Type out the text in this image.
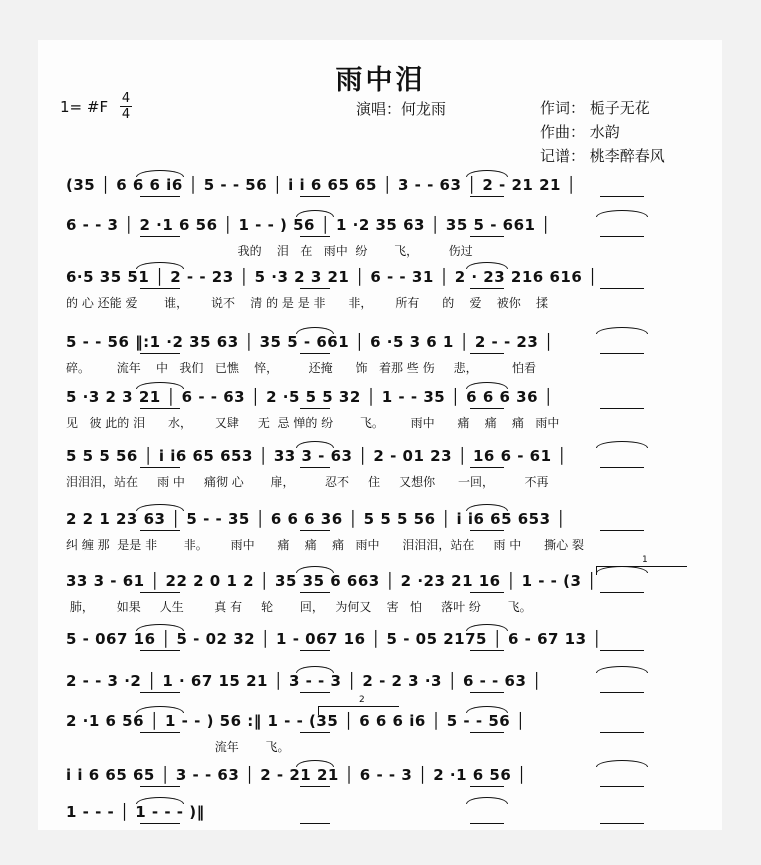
雨中泪
1= #F 4
4	演唱：何龙雨	作词： 栀子无花
作曲： 水韵
记谱： 桃李醉春风
(35 │ 6 6 6 i6 │ 5 - - 56 │ i i 6 65 65 │ 3 - - 63 │ 2 - 21 21 │
6 - - 3 │ 2 ·1 6 56 │ 1 - - ) 56 │ 1 ·2 35 63 │ 35 5 - 661 │
我的    泪   在   雨中  纷       飞，        伤过
6·5 35 51 │ 2 - - 23 │ 5 ·3 2 3 21 │ 6 - - 31 │ 2 · 23 216 616 │
的 心 还能 爱       谁，      说不    清 的 是 是 非      非，      所有      的    爱    被你    揉
5 - - 56 ‖:1 ·2 35 63 │ 35 5 - 661 │ 6 ·5 3 6 1 │ 2 - - 23 │
碎。       流年    中   我们   已憔    悴，        还掩      饰   着那 些 伤     悲，         怕看
5 ·3 2 3 21 │ 6 - - 63 │ 2 ·5 5 5 32 │ 1 - - 35 │ 6 6 6 36 │
见   彼 此的 泪      水，      又肆     无  忌 惮的 纷       飞。       雨中      痛    痛    痛   雨中
5 5 5 56 │ i i6 65 653 │ 33 3 - 63 │ 2 - 01 23 │ 16 6 - 61 │
泪泪泪，站在     雨 中     痛彻 心       扉，        忍不     住     又想你      一回，        不再
2 2 1 23 63 │ 5 - - 35 │ 6 6 6 36 │ 5 5 5 56 │ i i6 65 653 │
纠 缠 那  是是 非       非。      雨中      痛    痛    痛   雨中      泪泪泪，站在     雨 中      撕心 裂
33 3 - 61 │ 22 2 0 1 2 │ 35 35 6 663 │ 2 ·23 21 16 │ 1 - - (3 │
肺，      如果     人生        真 有     轮       回，   为何又    害   怕     落叶 纷       飞。
5 - 067 16 │ 5 - 02 32 │ 1 - 067 16 │ 5 - 05 2175 │ 6 - 67 13 │
2 - - 3 ·2 │ 1 · 67 15 21 │ 3 - - 3 │ 2 - 2 3 ·3 │ 6 - - 63 │
2 ·1 6 56 │ 1 - - ) 56 :‖ 1 - - (35 │ 6 6 6 i6 │ 5 - - 56 │
流年       飞。
i i 6 65 65 │ 3 - - 63 │ 2 - 21 21 │ 6 - - 3 │ 2 ·1 6 56 │
1 - - - │ 1 - - - )‖
1
2
